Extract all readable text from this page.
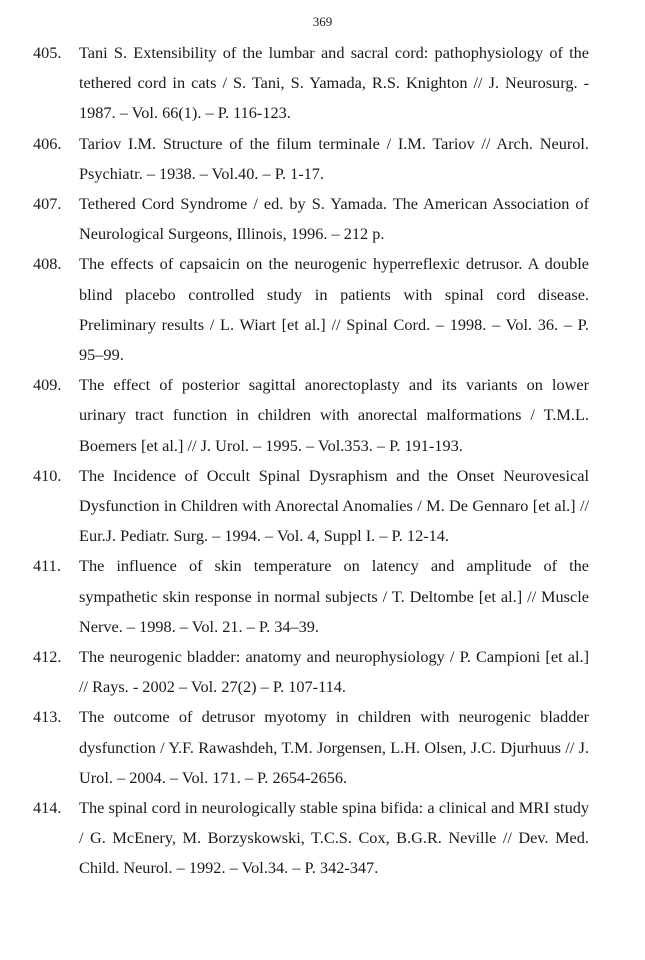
369

405. Tani S. Extensibility of the lumbar and sacral cord: pathophysiology of the tethered cord in cats / S. Tani, S. Yamada, R.S. Knighton // J. Neurosurg. - 1987. – Vol. 66(1). – P. 116-123.

406. Tariov I.M. Structure of the filum terminale / I.M. Tariov // Arch. Neurol. Psychiatr. – 1938. – Vol.40. – P. 1-17.

407. Tethered Cord Syndrome / ed. by S. Yamada. The American Association of Neurological Surgeons, Illinois, 1996. – 212 p.

408. The effects of capsaicin on the neurogenic hyperreflexic detrusor. A double blind placebo controlled study in patients with spinal cord disease. Preliminary results / L. Wiart [et al.] // Spinal Cord. – 1998. – Vol. 36. – P. 95–99.

409. The effect of posterior sagittal anorectoplasty and its variants on lower urinary tract function in children with anorectal malformations / T.M.L. Boemers [et al.] // J. Urol. – 1995. – Vol.353. – P. 191-193.

410. The Incidence of Occult Spinal Dysraphism and the Onset Neurovesical Dysfunction in Children with Anorectal Anomalies / M. De Gennaro [et al.] // Eur.J. Pediatr. Surg. – 1994. – Vol. 4, Suppl I. – P. 12-14.

411. The influence of skin temperature on latency and amplitude of the sympathetic skin response in normal subjects / T. Deltombe [et al.] // Muscle Nerve. – 1998. – Vol. 21. – P. 34–39.

412. The neurogenic bladder: anatomy and neurophysiology / P. Campioni [et al.] // Rays. - 2002 – Vol. 27(2) – P. 107-114.

413. The outcome of detrusor myotomy in children with neurogenic bladder dysfunction / Y.F. Rawashdeh, T.M. Jorgensen, L.H. Olsen, J.C. Djurhuus // J. Urol. – 2004. – Vol. 171. – P. 2654-2656.

414. The spinal cord in neurologically stable spina bifida: a clinical and MRI study / G. McEnery, M. Borzyskowski, T.C.S. Cox, B.G.R. Neville // Dev. Med. Child. Neurol. – 1992. – Vol.34. – P. 342-347.
